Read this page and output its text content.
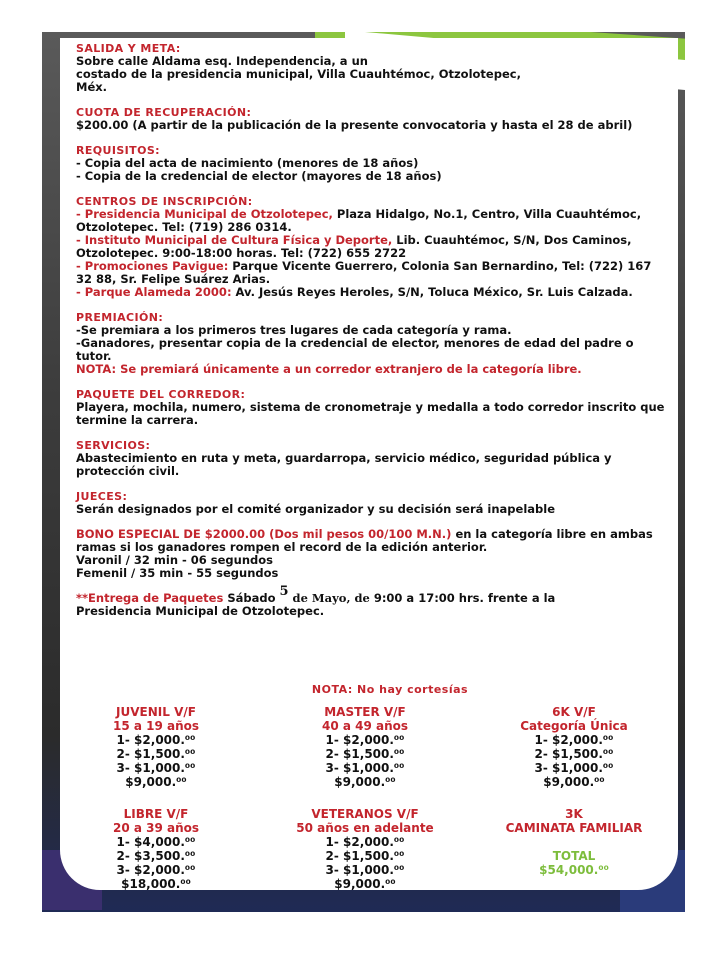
SALIDA Y META:
Sobre calle Aldama esq. Independencia, a un
costado de la presidencia municipal, Villa Cuauhtémoc, Otzolotepec,
Méx.
CUOTA DE RECUPERACIÓN:
$200.00 (A partir de la publicación de la presente convocatoria y hasta el 28 de abril)
REQUISITOS:
- Copia del acta de nacimiento (menores de 18 años)
- Copia de la credencial de elector (mayores de 18 años)
CENTROS DE INSCRIPCIÓN:
- Presidencia Municipal de Otzolotepec, Plaza Hidalgo, No.1, Centro, Villa Cuauhtémoc, Otzolotepec. Tel: (719) 286 0314.
- Instituto Municipal de Cultura Física y Deporte, Lib. Cuauhtémoc, S/N, Dos Caminos, Otzolotepec. 9:00-18:00 horas. Tel: (722) 655 2722
- Promociones Pavigue: Parque Vicente Guerrero, Colonia San Bernardino, Tel: (722) 167 32 88, Sr. Felipe Suárez Arias.
- Parque Alameda 2000: Av. Jesús Reyes Heroles, S/N, Toluca México, Sr. Luis Calzada.
PREMIACIÓN:
-Se premiara a los primeros tres lugares de cada categoría y rama.
-Ganadores, presentar copia de la credencial de elector, menores de edad del padre o tutor.
NOTA: Se premiará únicamente a un corredor extranjero de la categoría libre.
PAQUETE DEL CORREDOR:
Playera, mochila, numero, sistema de cronometraje y medalla a todo corredor inscrito que termine la carrera.
SERVICIOS:
Abastecimiento en ruta y meta, guardarropa, servicio médico, seguridad pública y protección civil.
JUECES:
Serán designados por el comité organizador y su decisión será inapelable
BONO ESPECIAL DE $2000.00 (Dos mil pesos 00/100 M.N.) en la categoría libre en ambas ramas si los ganadores rompen el record de la edición anterior.
Varonil / 32 min - 06 segundos
Femenil / 35 min - 55 segundos
**Entrega de Paquetes Sábado 5 de Mayo, de 9:00 a 17:00 hrs. frente a la
Presidencia Municipal de Otzolotepec.
NOTA: No hay cortesías
JUVENIL V/F
15 a 19 años
1- $2,000.⁰⁰
2- $1,500.⁰⁰
3- $1,000.⁰⁰
$9,000.⁰⁰
MASTER V/F
40 a 49 años
1- $2,000.⁰⁰
2- $1,500.⁰⁰
3- $1,000.⁰⁰
$9,000.⁰⁰
6K V/F
Categoría Única
1- $2,000.⁰⁰
2- $1,500.⁰⁰
3- $1,000.⁰⁰
$9,000.⁰⁰
LIBRE V/F
20 a 39 años
1- $4,000.⁰⁰
2- $3,500.⁰⁰
3- $2,000.⁰⁰
$18,000.⁰⁰
VETERANOS V/F
50 años en adelante
1- $2,000.⁰⁰
2- $1,500.⁰⁰
3- $1,000.⁰⁰
$9,000.⁰⁰
3K
CAMINATA FAMILIAR
TOTAL
$54,000.⁰⁰
